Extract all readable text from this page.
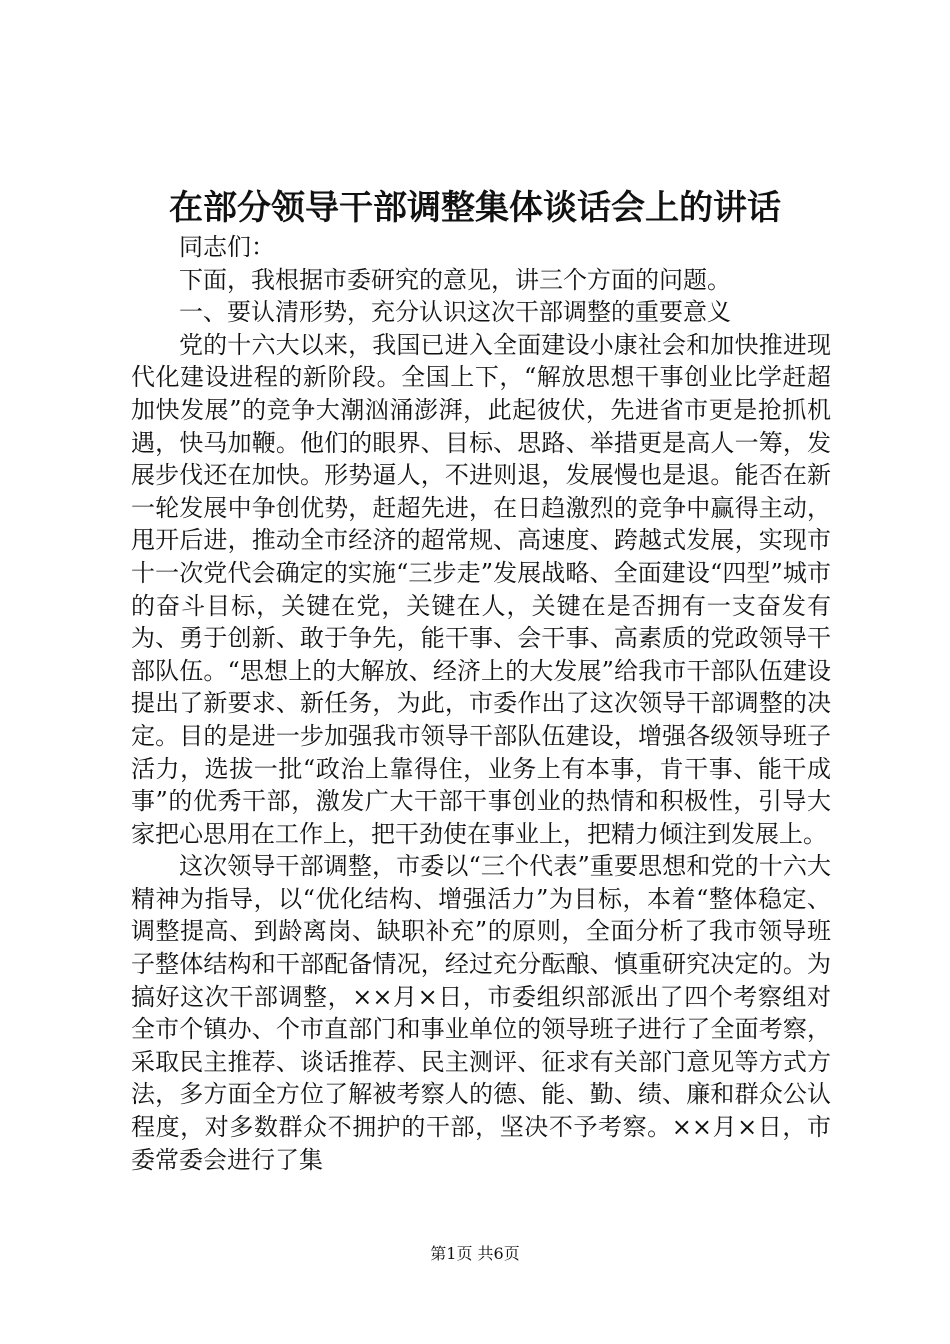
在部分领导干部调整集体谈话会上的讲话

同志们：

下面，我根据市委研究的意见，讲三个方面的问题。

一、要认清形势，充分认识这次干部调整的重要意义

党的十六大以来，我国已进入全面建设小康社会和加快推进现代化建设进程的新阶段。全国上下，“解放思想干事创业比学赶超加快发展”的竞争大潮汹涌澎湃，此起彼伏，先进省市更是抢抓机遇，快马加鞭。他们的眼界、目标、思路、举措更是高人一筹，发展步伐还在加快。形势逼人，不进则退，发展慢也是退。能否在新一轮发展中争创优势，赶超先进，在日趋激烈的竞争中赢得主动，甩开后进，推动全市经济的超常规、高速度、跨越式发展，实现市十一次党代会确定的实施“三步走”发展战略、全面建设“四型”城市的奋斗目标，关键在党，关键在人，关键在是否拥有一支奋发有为、勇于创新、敢于争先，能干事、会干事、高素质的党政领导干部队伍。“思想上的大解放、经济上的大发展”给我市干部队伍建设提出了新要求、新任务，为此，市委作出了这次领导干部调整的决定。目的是进一步加强我市领导干部队伍建设，增强各级领导班子活力，选拔一批“政治上靠得住，业务上有本事，肯干事、能干成事”的优秀干部，激发广大干部干事创业的热情和积极性，引导大家把心思用在工作上，把干劲使在事业上，把精力倾注到发展上。

这次领导干部调整，市委以“三个代表”重要思想和党的十六大精神为指导，以“优化结构、增强活力”为目标，本着“整体稳定、调整提高、到龄离岗、缺职补充”的原则，全面分析了我市领导班子整体结构和干部配备情况，经过充分酝酿、慎重研究决定的。为搞好这次干部调整，××月×日，市委组织部派出了四个考察组对全市个镇办、个市直部门和事业单位的领导班子进行了全面考察，采取民主推荐、谈话推荐、民主测评、征求有关部门意见等方式方法，多方面全方位了解被考察人的德、能、勤、绩、廉和群众公认程度，对多数群众不拥护的干部，坚决不予考察。××月×日，市委常委会进行了集

第1页 共6页
